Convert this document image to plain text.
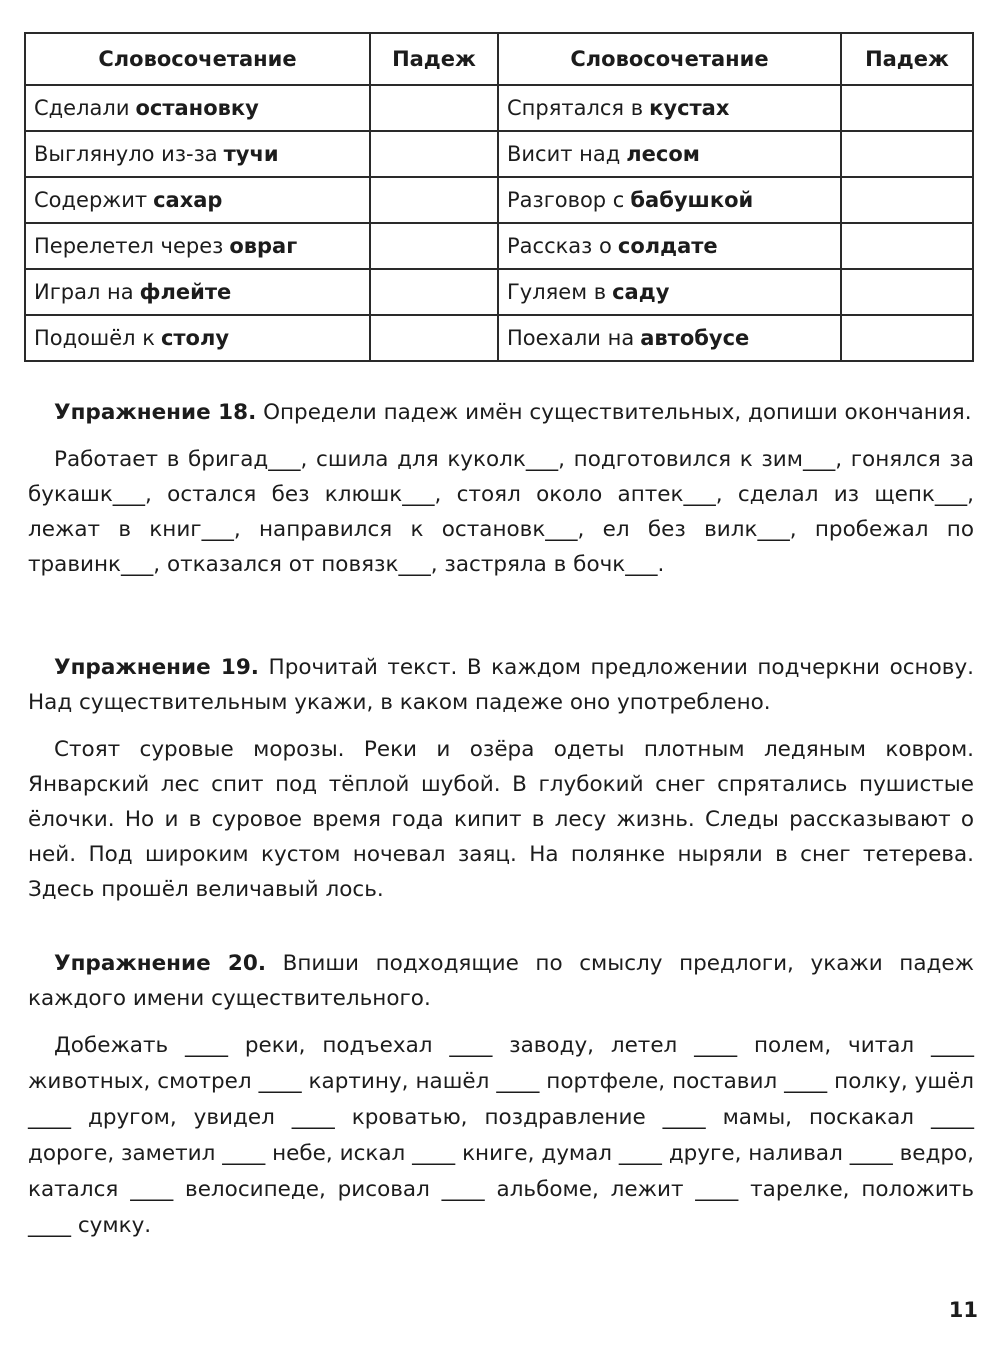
Словосочетание	Падеж	Словосочетание	Падеж
Сделали остановку		Спрятался в кустах	
Выглянуло из-за тучи		Висит над лесом	
Содержит сахар		Разговор с бабушкой	
Перелетел через овраг		Рассказ о солдате	
Играл на флейте		Гуляем в саду	
Подошёл к столу		Поехали на автобусе	

Упражнение 18. Определи падеж имён существительных, допиши окончания.

Работает в бригад___, сшила для куколк___, подготовился к зим___, гонялся за букашк___, остался без клюшк___, стоял около аптек___, сделал из щепк___, лежат в книг___, направился к остановк___, ел без вилк___, пробежал по травинк___, отказался от повязк___, застряла в бочк___.

Упражнение 19. Прочитай текст. В каждом предложении подчеркни основу. Над существительным укажи, в каком падеже оно употреблено.

Стоят суровые морозы. Реки и озёра одеты плотным ледяным ковром. Январский лес спит под тёплой шубой. В глубокий снег спрятались пушистые ёлочки. Но и в суровое время года кипит в лесу жизнь. Следы рассказывают о ней. Под широким кустом ночевал заяц. На полянке ныряли в снег тетерева. Здесь прошёл величавый лось.

Упражнение 20. Впиши подходящие по смыслу предлоги, укажи падеж каждого имени существительного.

Добежать ____ реки, подъехал ____ заводу, летел ____ полем, читал ____ животных, смотрел ____ картину, нашёл ____ портфеле, поставил ____ полку, ушёл ____ другом, увидел ____ кроватью, поздравление ____ мамы, поскакал ____ дороге, заметил ____ небе, искал ____ книге, думал ____ друге, наливал ____ ведро, катался ____ велосипеде, рисовал ____ альбоме, лежит ____ тарелке, положить ____ сумку.

11
